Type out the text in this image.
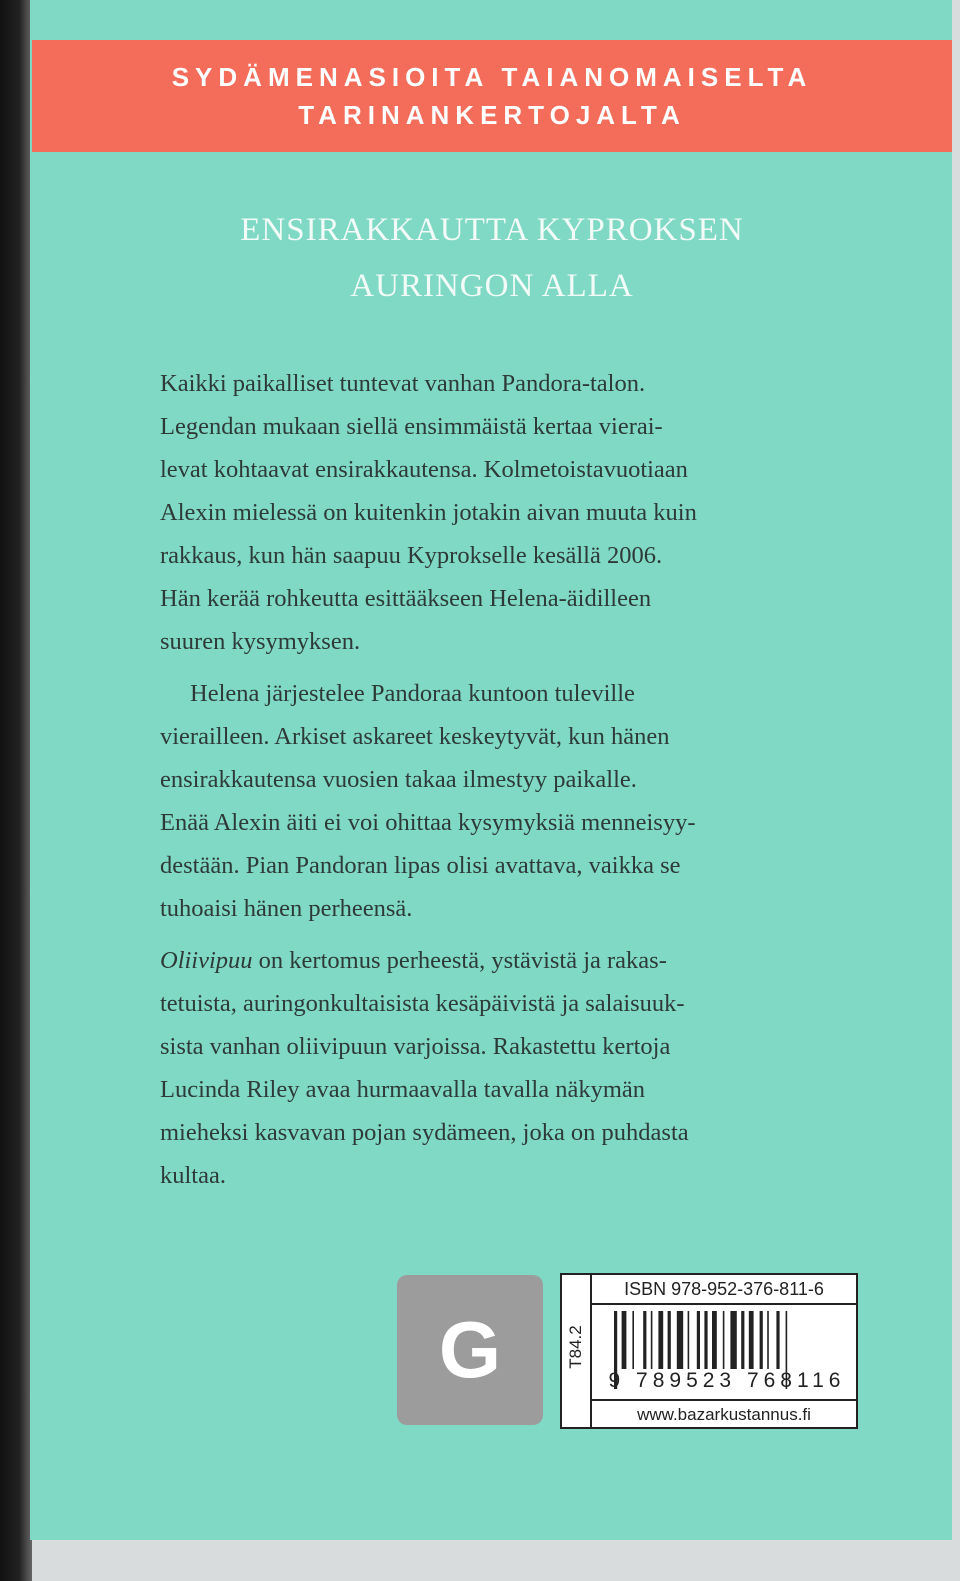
SYDÄMENASIOITA TAIANOMAISELTA
TARINANKERTOJALTA
ENSIRAKKAUTTA KYPROKSEN
AURINGON ALLA
Kaikki paikalliset tuntevat vanhan Pandora-talon.
Legendan mukaan siellä ensimmäistä kertaa vierai-
levat kohtaavat ensirakkautensa. Kolmetoistavuotiaan
Alexin mielessä on kuitenkin jotakin aivan muuta kuin
rakkaus, kun hän saapuu Kyprokselle kesällä 2006.
Hän kerää rohkeutta esittääkseen Helena-äidilleen
suuren kysymyksen.
Helena järjestelee Pandoraa kuntoon tuleville
vierailleen. Arkiset askareet keskeytyvät, kun hänen
ensirakkautensa vuosien takaa ilmestyy paikalle.
Enää Alexin äiti ei voi ohittaa kysymyksiä menneisyy-
destään. Pian Pandoran lipas olisi avattava, vaikka se
tuhoaisi hänen perheensä.
Oliivipuu on kertomus perheestä, ystävistä ja rakas-
tetuista, auringonkultaisista kesäpäivistä ja salaisuuk-
sista vanhan oliivipuun varjoissa. Rakastettu kertoja
Lucinda Riley avaa hurmaavalla tavalla näkymän
mieheksi kasvavan pojan sydämeen, joka on puhdasta
kultaa.
G	T84.2
ISBN 978-952-376-811-6
9 789523 768116
www.bazarkustannus.fi
